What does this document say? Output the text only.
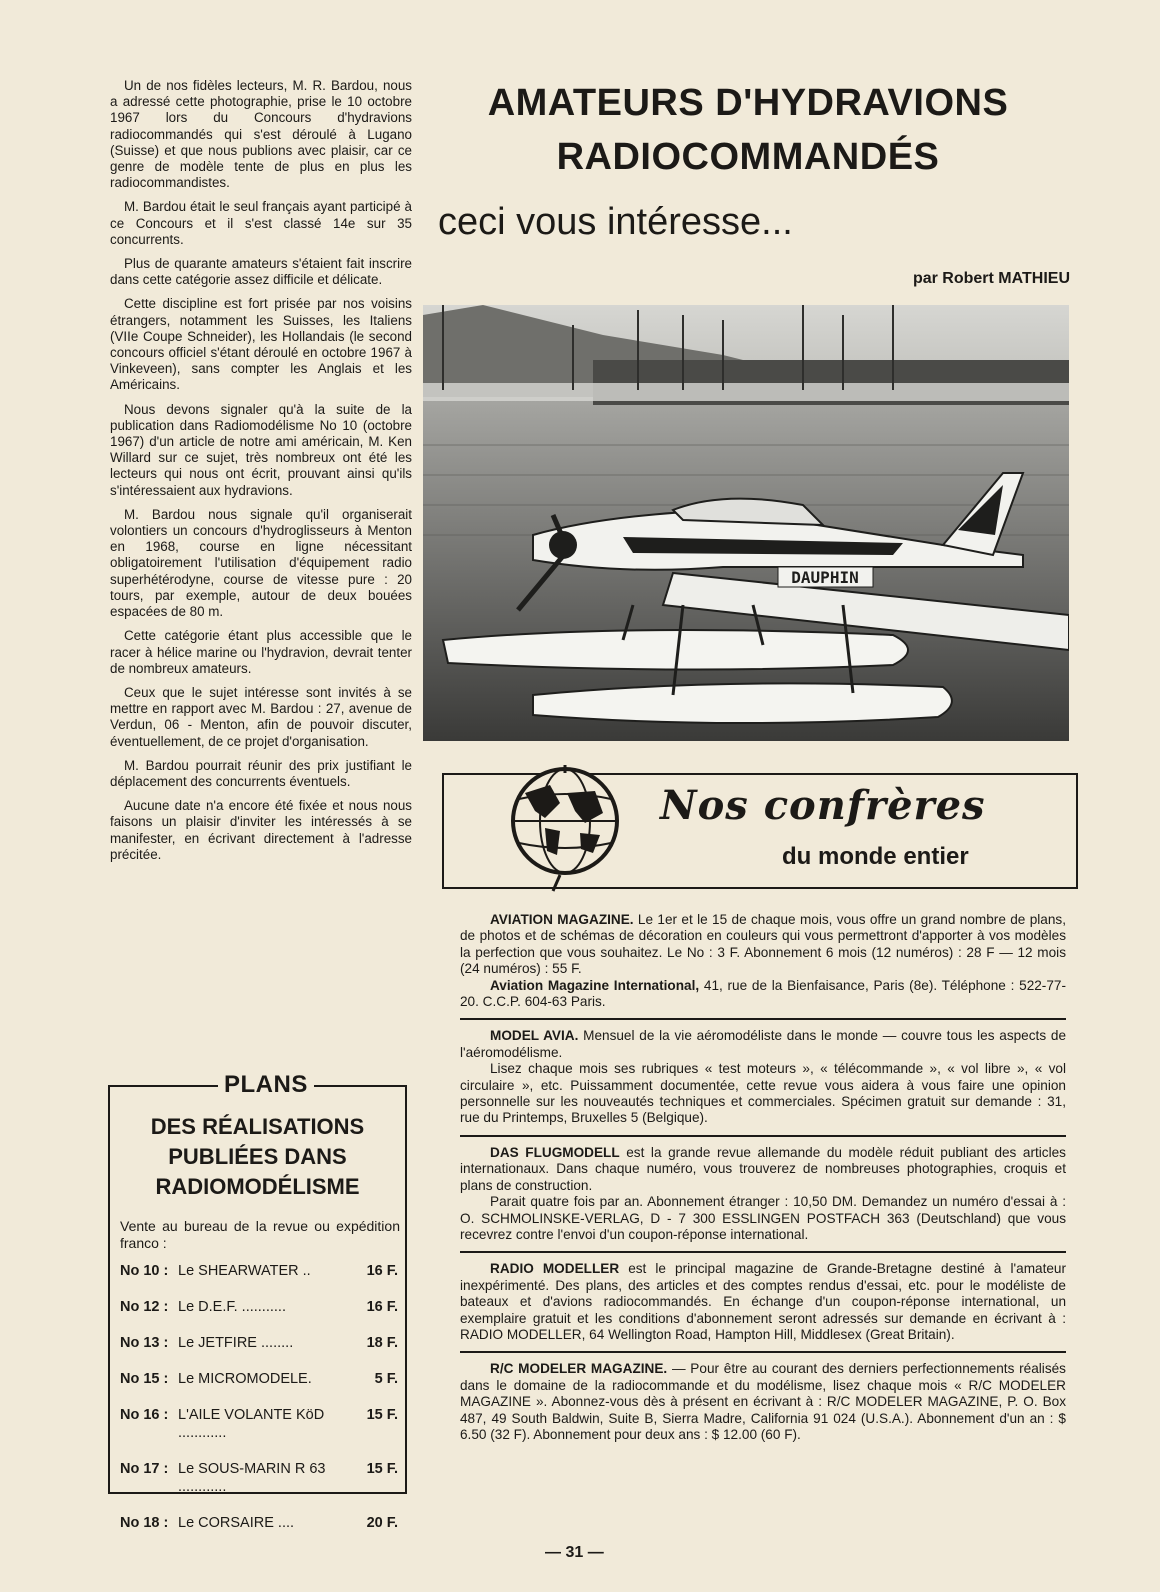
Un de nos fidèles lecteurs, M. R. Bardou, nous a adressé cette photographie, prise le 10 octobre 1967 lors du Concours d'hydravions radiocommandés qui s'est déroulé à Lugano (Suisse) et que nous publions avec plaisir, car ce genre de modèle tente de plus en plus les radiocommandistes.

M. Bardou était le seul français ayant participé à ce Concours et il s'est classé 14e sur 35 concurrents.

Plus de quarante amateurs s'étaient fait inscrire dans cette catégorie assez difficile et délicate.

Cette discipline est fort prisée par nos voisins étrangers, notamment les Suisses, les Italiens (VIIe Coupe Schneider), les Hollandais (le second concours officiel s'étant déroulé en octobre 1967 à Vinkeveen), sans compter les Anglais et les Américains.

Nous devons signaler qu'à la suite de la publication dans Radiomodélisme No 10 (octobre 1967) d'un article de notre ami américain, M. Ken Willard sur ce sujet, très nombreux ont été les lecteurs qui nous ont écrit, prouvant ainsi qu'ils s'intéressaient aux hydravions.

M. Bardou nous signale qu'il organiserait volontiers un concours d'hydroglisseurs à Menton en 1968, course en ligne nécessitant obligatoirement l'utilisation d'équipement radio superhétérodyne, course de vitesse pure : 20 tours, par exemple, autour de deux bouées espacées de 80 m.

Cette catégorie étant plus accessible que le racer à hélice marine ou l'hydravion, devrait tenter de nombreux amateurs.

Ceux que le sujet intéresse sont invités à se mettre en rapport avec M. Bardou : 27, avenue de Verdun, 06 - Menton, afin de pouvoir discuter, éventuellement, de ce projet d'organisation.

M. Bardou pourrait réunir des prix justifiant le déplacement des concurrents éventuels.

Aucune date n'a encore été fixée et nous nous faisons un plaisir d'inviter les intéressés à se manifester, en écrivant directement à l'adresse précitée.

AMATEURS D'HYDRAVIONS
RADIOCOMMANDÉS
ceci vous intéresse...
par Robert MATHIEU
DAUPHIN
Nos confrères
du monde entier

AVIATION MAGAZINE. Le 1er et le 15 de chaque mois, vous offre un grand nombre de plans, de photos et de schémas de décoration en couleurs qui vous permettront d'apporter à vos modèles la perfection que vous souhaitez. Le No : 3 F. Abonnement 6 mois (12 numéros) : 28 F — 12 mois (24 numéros) : 55 F.

Aviation Magazine International, 41, rue de la Bienfaisance, Paris (8e). Téléphone : 522-77-20. C.C.P. 604-63 Paris.

MODEL AVIA. Mensuel de la vie aéromodéliste dans le monde — couvre tous les aspects de l'aéromodélisme.

Lisez chaque mois ses rubriques « test moteurs », « télécommande », « vol libre », « vol circulaire », etc. Puissamment documentée, cette revue vous aidera à vous faire une opinion personnelle sur les nouveautés techniques et commerciales. Spécimen gratuit sur demande : 31, rue du Printemps, Bruxelles 5 (Belgique).

DAS FLUGMODELL est la grande revue allemande du modèle réduit publiant des articles internationaux. Dans chaque numéro, vous trouverez de nombreuses photographies, croquis et plans de construction.

Parait quatre fois par an. Abonnement étranger : 10,50 DM. Demandez un numéro d'essai à : O. SCHMOLINSKE-VERLAG, D - 7 300 ESSLINGEN POSTFACH 363 (Deutschland) que vous recevrez contre l'envoi d'un coupon-réponse international.

RADIO MODELLER est le principal magazine de Grande-Bretagne destiné à l'amateur inexpérimenté. Des plans, des articles et des comptes rendus d'essai, etc. pour le modéliste de bateaux et d'avions radiocommandés. En échange d'un coupon-réponse international, un exemplaire gratuit et les conditions d'abonnement seront adressés sur demande en écrivant à : RADIO MODELLER, 64 Wellington Road, Hampton Hill, Middlesex (Great Britain).

R/C MODELER MAGAZINE. — Pour être au courant des derniers perfectionnements réalisés dans le domaine de la radiocommande et du modélisme, lisez chaque mois « R/C MODELER MAGAZINE ». Abonnez-vous dès à présent en écrivant à : R/C MODELER MAGAZINE, P. O. Box 487, 49 South Baldwin, Suite B, Sierra Madre, California 91 024 (U.S.A.). Abonnement d'un an : $ 6.50 (32 F). Abonnement pour deux ans : $ 12.00 (60 F).

PLANS
DES RÉALISATIONS
PUBLIÉES DANS
RADIOMODÉLISME
Vente au bureau de la revue ou expédition franco :
No 10 : Le SHEARWATER ..	16 F.
No 12 : Le D.E.F. ...........	16 F.
No 13 : Le JETFIRE ........	18 F.
No 15 : Le MICROMODELE.	5 F.
No 16 : L'AILE VOLANTE KöD ............
15 F.
No 17 : Le SOUS-MARIN R 63 ............
15 F.
No 18 : Le CORSAIRE ....	20 F.
— 31 —
